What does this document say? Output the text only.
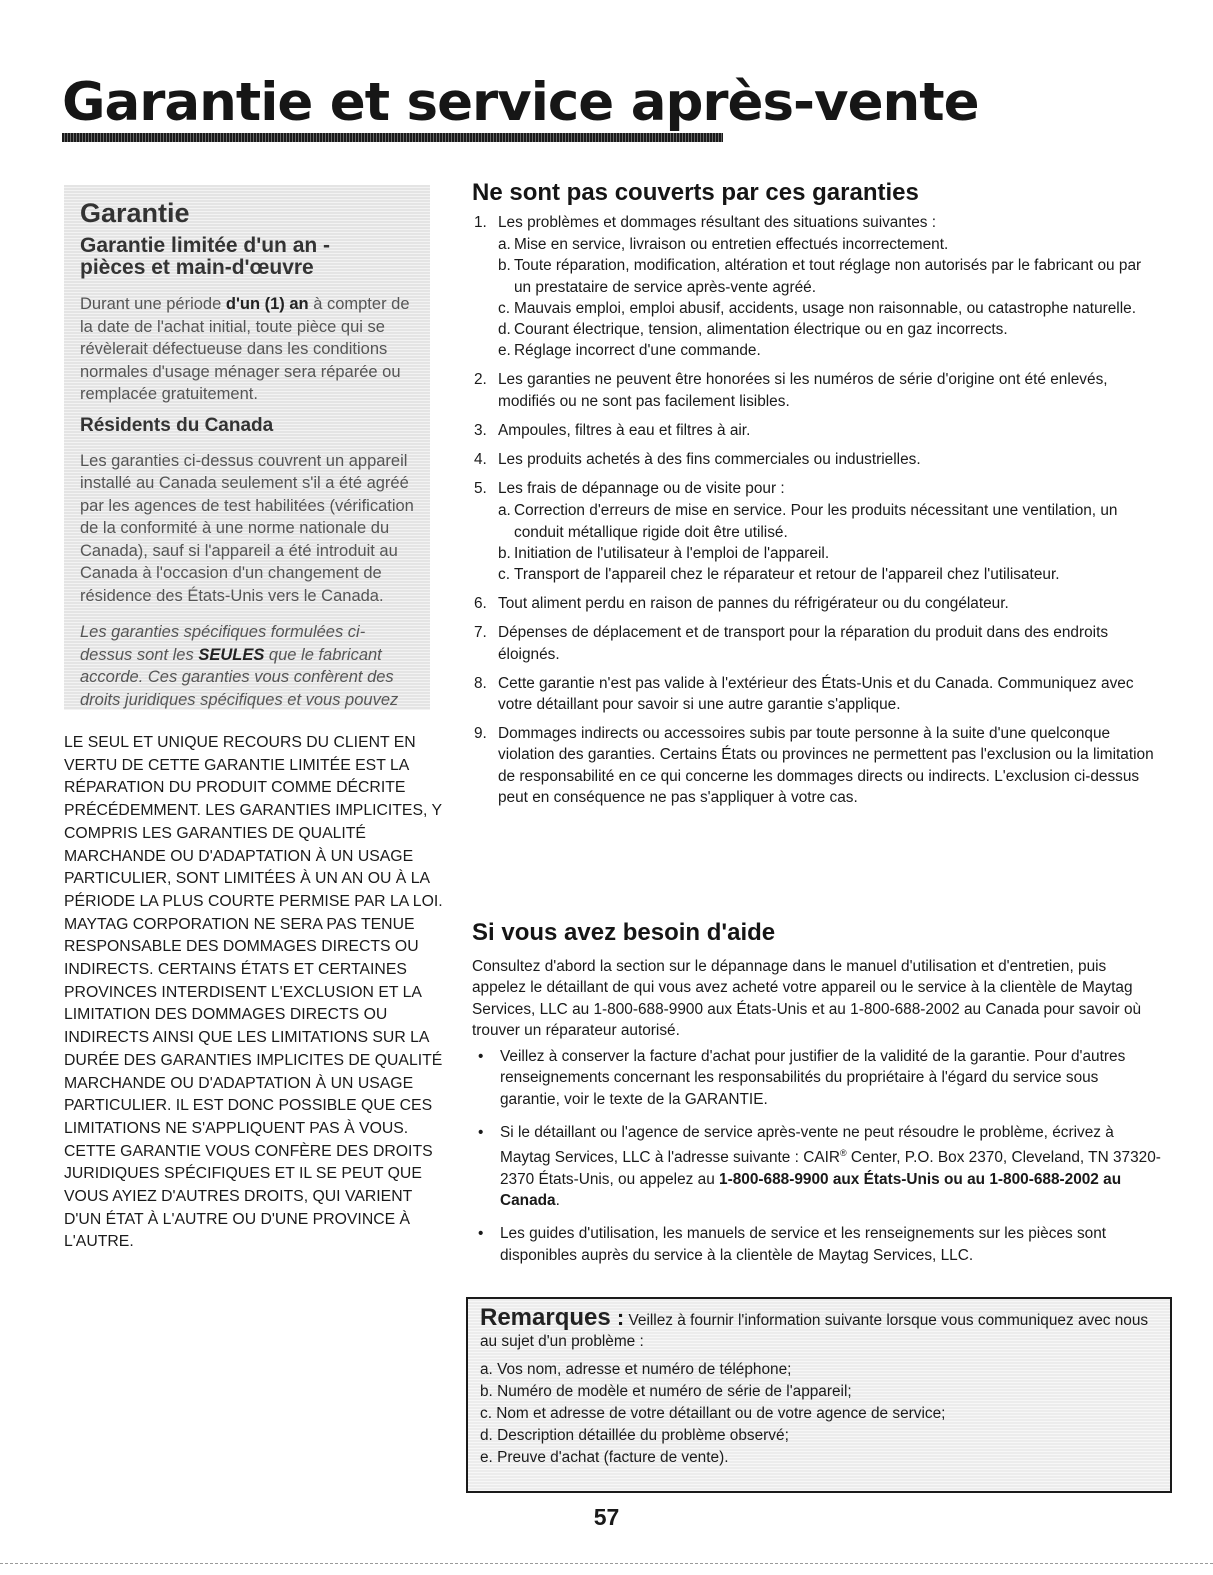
Garantie et service après-vente
Garantie
Garantie limitée d'un an -
pièces et main-d'œuvre

Durant une période d'un (1) an à compter de la date de l'achat initial, toute pièce qui se révèlerait défectueuse dans les conditions normales d'usage ménager sera réparée ou remplacée gratuitement.

Résidents du Canada

Les garanties ci-dessus couvrent un appareil installé au Canada seulement s'il a été agréé par les agences de test habilitées (vérification de la conformité à une norme nationale du Canada), sauf si l'appareil a été introduit au Canada à l'occasion d'un changement de résidence des États-Unis vers le Canada.

Les garanties spécifiques formulées ci-dessus sont les SEULES que le fabricant accorde. Ces garanties vous confèrent des droits juridiques spécifiques et vous pouvez

LE SEUL ET UNIQUE RECOURS DU CLIENT EN VERTU DE CETTE GARANTIE LIMITÉE EST LA RÉPARATION DU PRODUIT COMME DÉCRITE PRÉCÉDEMMENT. LES GARANTIES IMPLICITES, Y COMPRIS LES GARANTIES DE QUALITÉ MARCHANDE OU D'ADAPTATION À UN USAGE PARTICULIER, SONT LIMITÉES À UN AN OU À LA PÉRIODE LA PLUS COURTE PERMISE PAR LA LOI. MAYTAG CORPORATION NE SERA PAS TENUE RESPONSABLE DES DOMMAGES DIRECTS OU INDIRECTS. CERTAINS ÉTATS ET CERTAINES PROVINCES INTERDISENT L'EXCLUSION ET LA LIMITATION DES DOMMAGES DIRECTS OU INDIRECTS AINSI QUE LES LIMITATIONS SUR LA DURÉE DES GARANTIES IMPLICITES DE QUALITÉ MARCHANDE OU D'ADAPTATION À UN USAGE PARTICULIER. IL EST DONC POSSIBLE QUE CES LIMITATIONS NE S'APPLIQUENT PAS À VOUS. CETTE GARANTIE VOUS CONFÈRE DES DROITS JURIDIQUES SPÉCIFIQUES ET IL SE PEUT QUE VOUS AYIEZ D'AUTRES DROITS, QUI VARIENT D'UN ÉTAT À L'AUTRE OU D'UNE PROVINCE À L'AUTRE.

Ne sont pas couverts par ces garanties
1. Les problèmes et dommages résultant des situations suivantes :
a. Mise en service, livraison ou entretien effectués incorrectement.
b. Toute réparation, modification, altération et tout réglage non autorisés par le fabricant ou par un prestataire de service après-vente agréé.
c. Mauvais emploi, emploi abusif, accidents, usage non raisonnable, ou catastrophe naturelle.
d. Courant électrique, tension, alimentation électrique ou en gaz incorrects.
e. Réglage incorrect d'une commande.
2. Les garanties ne peuvent être honorées si les numéros de série d'origine ont été enlevés, modifiés ou ne sont pas facilement lisibles.
3. Ampoules, filtres à eau et filtres à air.
4. Les produits achetés à des fins commerciales ou industrielles.
5. Les frais de dépannage ou de visite pour :
a. Correction d'erreurs de mise en service. Pour les produits nécessitant une ventilation, un conduit métallique rigide doit être utilisé.
b. Initiation de l'utilisateur à l'emploi de l'appareil.
c. Transport de l'appareil chez le réparateur et retour de l'appareil chez l'utilisateur.
6. Tout aliment perdu en raison de pannes du réfrigérateur ou du congélateur.
7. Dépenses de déplacement et de transport pour la réparation du produit dans des endroits éloignés.
8. Cette garantie n'est pas valide à l'extérieur des États-Unis et du Canada. Communiquez avec votre détaillant pour savoir si une autre garantie s'applique.
9. Dommages indirects ou accessoires subis par toute personne à la suite d'une quelconque violation des garanties. Certains États ou provinces ne permettent pas l'exclusion ou la limitation de responsabilité en ce qui concerne les dommages directs ou indirects. L'exclusion ci-dessus peut en conséquence ne pas s'appliquer à votre cas.
Si vous avez besoin d'aide

Consultez d'abord la section sur le dépannage dans le manuel d'utilisation et d'entretien, puis appelez le détaillant de qui vous avez acheté votre appareil ou le service à la clientèle de Maytag Services, LLC au 1-800-688-9900 aux États-Unis et au 1-800-688-2002 au Canada pour savoir où trouver un réparateur autorisé.

• Veillez à conserver la facture d'achat pour justifier de la validité de la garantie. Pour d'autres renseignements concernant les responsabilités du propriétaire à l'égard du service sous garantie, voir le texte de la GARANTIE.
• Si le détaillant ou l'agence de service après-vente ne peut résoudre le problème, écrivez à Maytag Services, LLC à l'adresse suivante : CAIR® Center, P.O. Box 2370, Cleveland, TN 37320-2370 États-Unis, ou appelez au 1-800-688-9900 aux États-Unis ou au 1-800-688-2002 au Canada.
• Les guides d'utilisation, les manuels de service et les renseignements sur les pièces sont disponibles auprès du service à la clientèle de Maytag Services, LLC.
Remarques : Veillez à fournir l'information suivante lorsque vous communiquez avec nous au sujet d'un problème :
a. Vos nom, adresse et numéro de téléphone;
b. Numéro de modèle et numéro de série de l'appareil;
c. Nom et adresse de votre détaillant ou de votre agence de service;
d. Description détaillée du problème observé;
e. Preuve d'achat (facture de vente).
57
